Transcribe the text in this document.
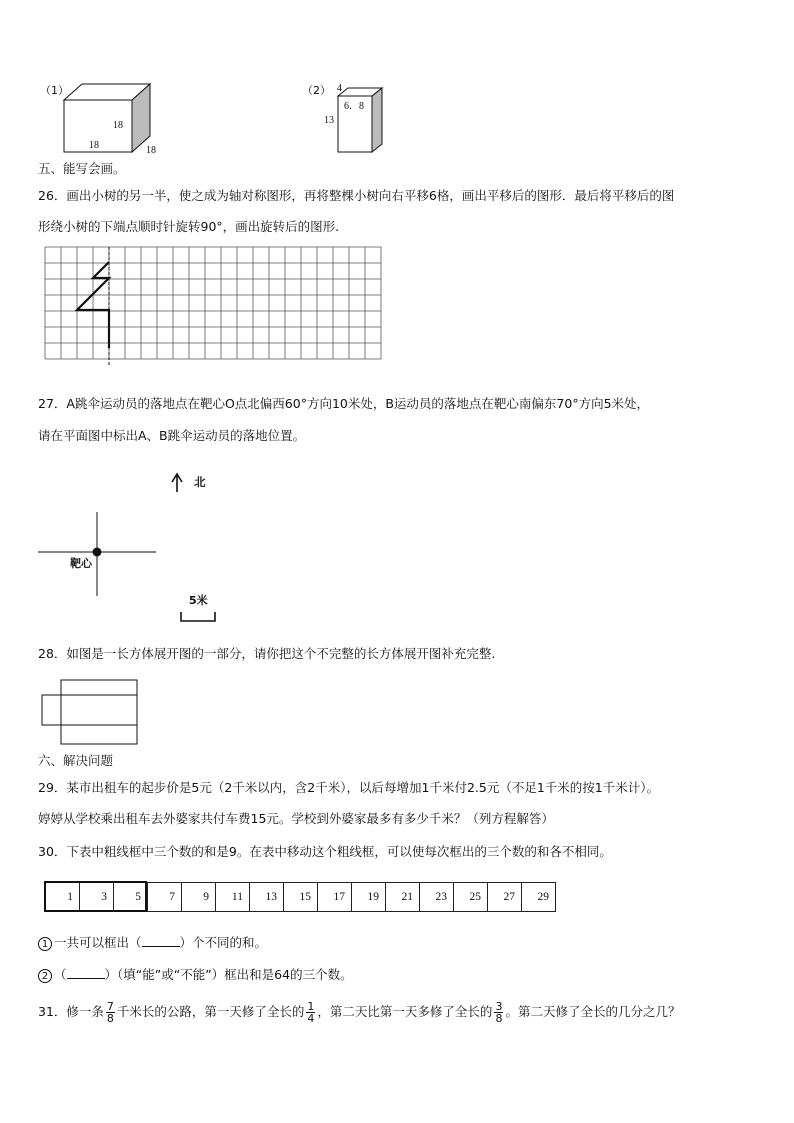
（1）
18
18	18
（2） 4
6．8
13
五、能写会画。
26．画出小树的另一半，使之成为轴对称图形，再将整棵小树向右平移6格，画出平移后的图形．最后将平移后的图
形绕小树的下端点顺时针旋转90°，画出旋转后的图形.
27．A跳伞运动员的落地点在靶心O点北偏西60°方向10米处，B运动员的落地点在靶心南偏东70°方向5米处，
请在平面图中标出A、B跳伞运动员的落地位置。
北
靶心
5米
28．如图是一长方体展开图的一部分，请你把这个不完整的长方体展开图补充完整.
六、解决问题
29．某市出租车的起步价是5元（2千米以内，含2千米），以后每增加1千米付2.5元（不足1千米的按1千米计）。
婷婷从学校乘出租车去外婆家共付车费15元。学校到外婆家最多有多少千米？（列方程解答）
30．下表中粗线框中三个数的和是9。在表中移动这个粗线框，可以使每次框出的三个数的和各不相同。
1	3	5	7	9	11	13	15	17	19	21	23	25	27	29
1 一共可以框出（	）个不同的和。
2 （	）（填“能”或“不能”）框出和是64的三个数。
31．修一条 $\frac{7}{8}$ 千米长的公路，第一天修了全长的 $\frac{1}{4}$ ，第二天比第一天多修了全长的 $\frac{3}{8}$ 。第二天修了全长的几分之几？
